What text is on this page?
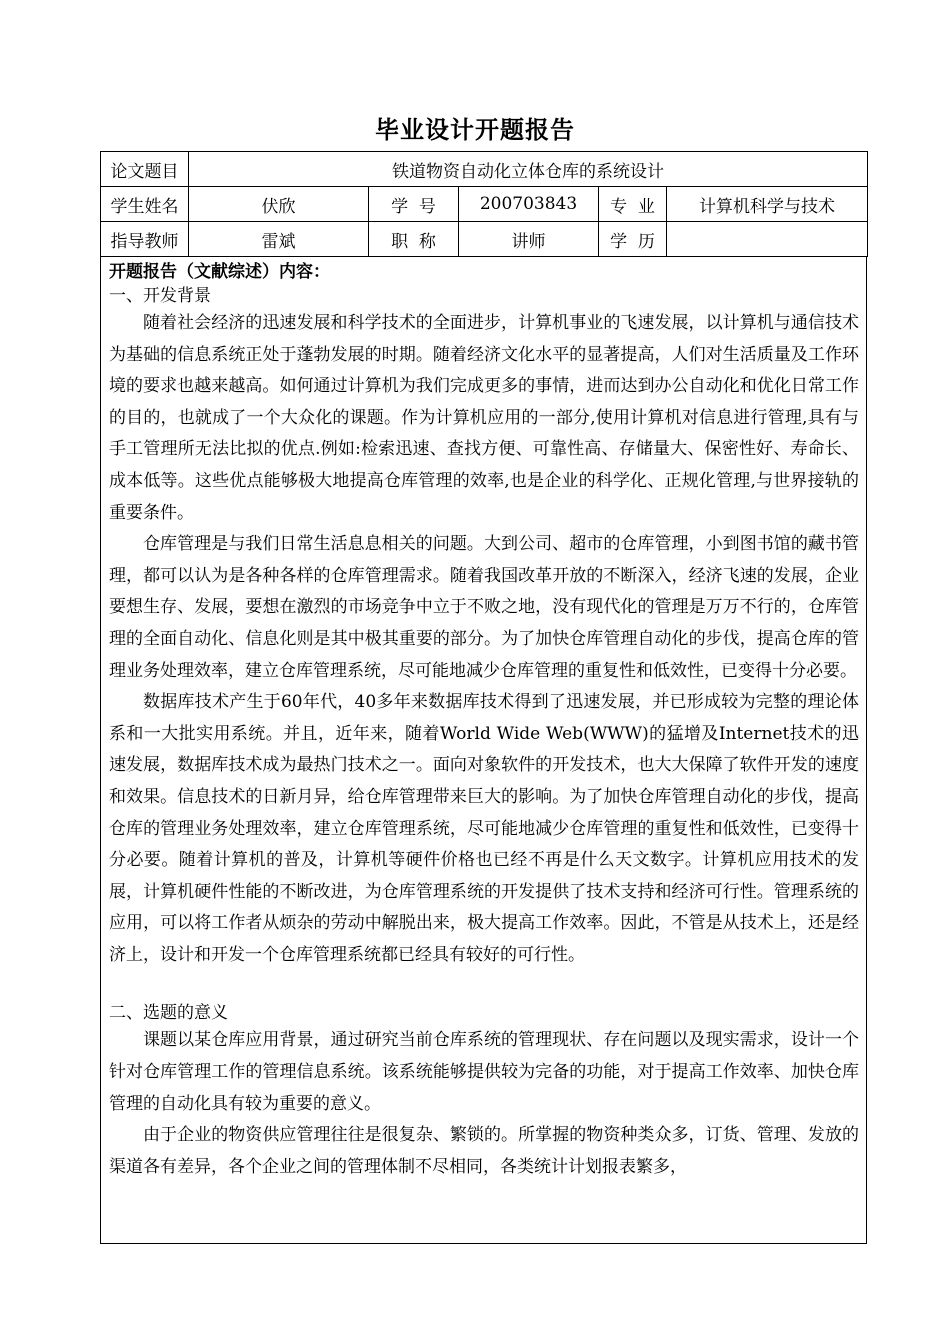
毕业设计开题报告
论文题目	铁道物资自动化立体仓库的系统设计				
学生姓名	伏欣	学  号	200703843	专  业	计算机科学与技术
指导教师	雷斌	职  称	讲师	学  历	

开题报告（文献综述）内容：

一、开发背景

随着社会经济的迅速发展和科学技术的全面进步，计算机事业的飞速发展，以计算机与通信技术为基础的信息系统正处于蓬勃发展的时期。随着经济文化水平的显著提高，人们对生活质量及工作环境的要求也越来越高。如何通过计算机为我们完成更多的事情，进而达到办公自动化和优化日常工作的目的，也就成了一个大众化的课题。作为计算机应用的一部分,使用计算机对信息进行管理,具有与手工管理所无法比拟的优点.例如:检索迅速、查找方便、可靠性高、存储量大、保密性好、寿命长、成本低等。这些优点能够极大地提高仓库管理的效率,也是企业的科学化、正规化管理,与世界接轨的重要条件。

仓库管理是与我们日常生活息息相关的问题。大到公司、超市的仓库管理，小到图书馆的藏书管理，都可以认为是各种各样的仓库管理需求。随着我国改革开放的不断深入，经济飞速的发展，企业要想生存、发展，要想在激烈的市场竞争中立于不败之地，没有现代化的管理是万万不行的，仓库管理的全面自动化、信息化则是其中极其重要的部分。为了加快仓库管理自动化的步伐，提高仓库的管理业务处理效率，建立仓库管理系统，尽可能地减少仓库管理的重复性和低效性，已变得十分必要。

数据库技术产生于60年代，40多年来数据库技术得到了迅速发展，并已形成较为完整的理论体系和一大批实用系统。并且，近年来，随着World Wide Web(WWW)的猛增及Internet技术的迅速发展，数据库技术成为最热门技术之一。面向对象软件的开发技术，也大大保障了软件开发的速度和效果。信息技术的日新月异，给仓库管理带来巨大的影响。为了加快仓库管理自动化的步伐，提高仓库的管理业务处理效率，建立仓库管理系统，尽可能地减少仓库管理的重复性和低效性，已变得十分必要。随着计算机的普及，计算机等硬件价格也已经不再是什么天文数字。计算机应用技术的发展，计算机硬件性能的不断改进，为仓库管理系统的开发提供了技术支持和经济可行性。管理系统的应用，可以将工作者从烦杂的劳动中解脱出来，极大提高工作效率。因此，不管是从技术上，还是经济上，设计和开发一个仓库管理系统都已经具有较好的可行性。

二、选题的意义

课题以某仓库应用背景，通过研究当前仓库系统的管理现状、存在问题以及现实需求，设计一个针对仓库管理工作的管理信息系统。该系统能够提供较为完备的功能，对于提高工作效率、加快仓库管理的自动化具有较为重要的意义。

由于企业的物资供应管理往往是很复杂、繁锁的。所掌握的物资种类众多，订货、管理、发放的渠道各有差异，各个企业之间的管理体制不尽相同，各类统计计划报表繁多，
